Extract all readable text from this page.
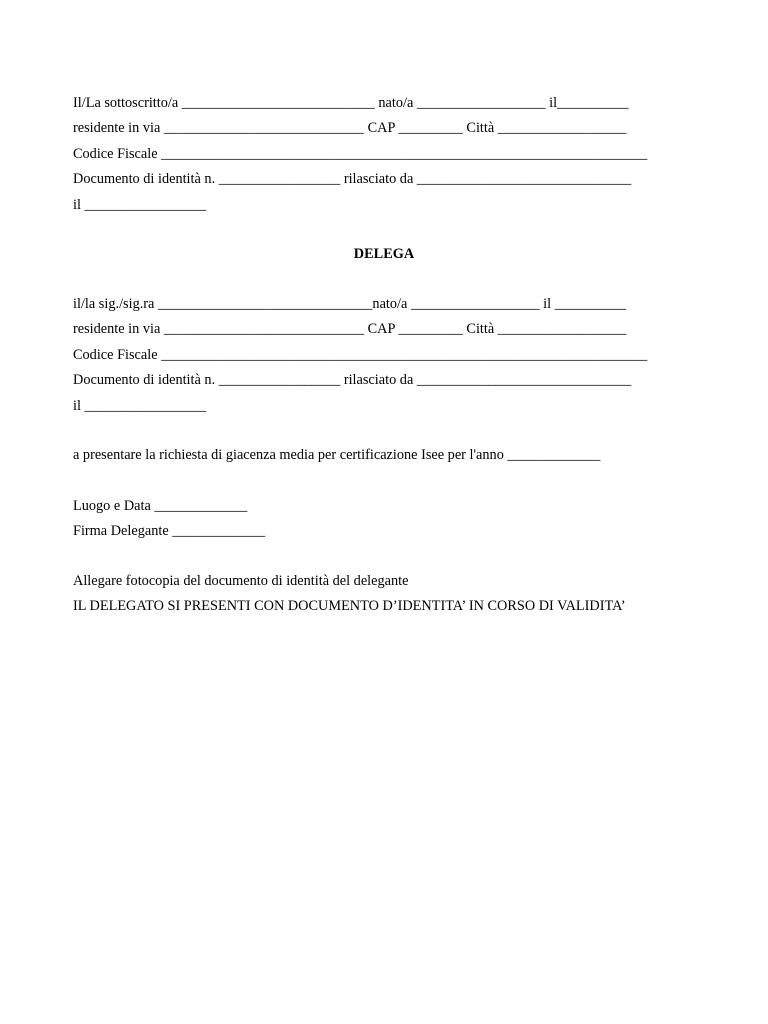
Il/La sottoscritto/a ___________________________ nato/a __________________ il__________
residente in via ____________________________ CAP _________ Città __________________
Codice Fiscale ____________________________________________________________________
Documento di identità n. _________________ rilasciato da ______________________________
il _________________
DELEGA
il/la sig./sig.ra ______________________________nato/a __________________ il __________
residente in via ____________________________ CAP _________ Città __________________
Codice Fiscale ____________________________________________________________________
Documento di identità n. _________________ rilasciato da ______________________________
il _________________
a presentare la richiesta di giacenza media per certificazione Isee per l'anno _____________
Luogo e Data _____________
Firma Delegante _____________
Allegare fotocopia del documento di identità del delegante
IL DELEGATO SI PRESENTI CON DOCUMENTO D’IDENTITA’ IN CORSO DI VALIDITA’
